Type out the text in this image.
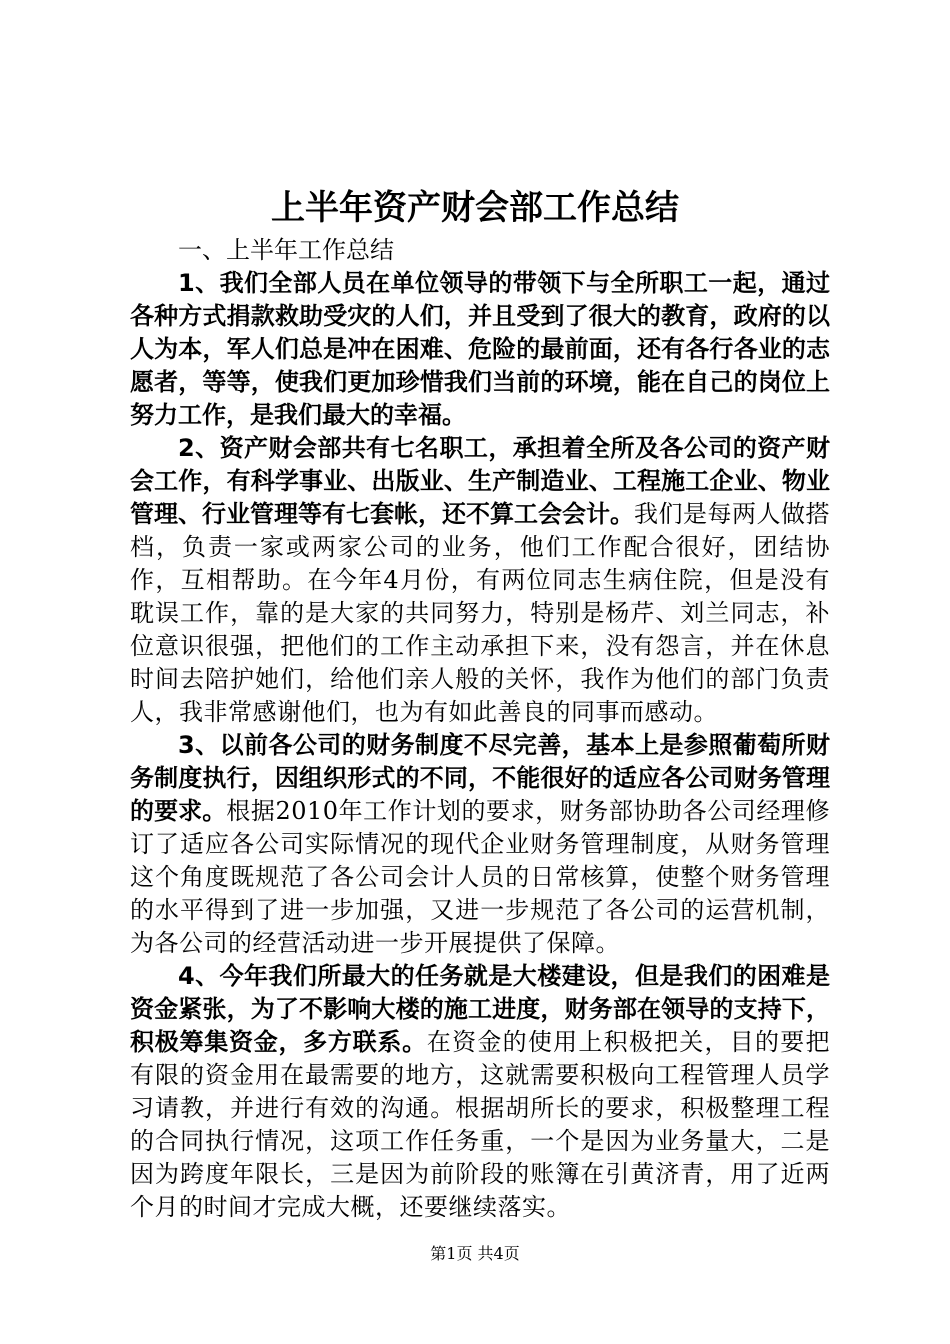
上半年资产财会部工作总结

一、上半年工作总结

1、我们全部人员在单位领导的带领下与全所职工一起，通过各种方式捐款救助受灾的人们，并且受到了很大的教育，政府的以人为本，军人们总是冲在困难、危险的最前面，还有各行各业的志愿者，等等，使我们更加珍惜我们当前的环境，能在自己的岗位上努力工作，是我们最大的幸福。

2、资产财会部共有七名职工，承担着全所及各公司的资产财会工作，有科学事业、出版业、生产制造业、工程施工企业、物业管理、行业管理等有七套帐，还不算工会会计。我们是每两人做搭档，负责一家或两家公司的业务，他们工作配合很好，团结协作，互相帮助。在今年4月份，有两位同志生病住院，但是没有耽误工作，靠的是大家的共同努力，特别是杨芹、刘兰同志，补位意识很强，把他们的工作主动承担下来，没有怨言，并在休息时间去陪护她们，给他们亲人般的关怀，我作为他们的部门负责人，我非常感谢他们，也为有如此善良的同事而感动。

3、以前各公司的财务制度不尽完善，基本上是参照葡萄所财务制度执行，因组织形式的不同，不能很好的适应各公司财务管理的要求。根据2010年工作计划的要求，财务部协助各公司经理修订了适应各公司实际情况的现代企业财务管理制度，从财务管理这个角度既规范了各公司会计人员的日常核算，使整个财务管理的水平得到了进一步加强，又进一步规范了各公司的运营机制，为各公司的经营活动进一步开展提供了保障。

4、今年我们所最大的任务就是大楼建设，但是我们的困难是资金紧张，为了不影响大楼的施工进度，财务部在领导的支持下，积极筹集资金，多方联系。在资金的使用上积极把关，目的要把有限的资金用在最需要的地方，这就需要积极向工程管理人员学习请教，并进行有效的沟通。根据胡所长的要求，积极整理工程的合同执行情况，这项工作任务重，一个是因为业务量大，二是因为跨度年限长，三是因为前阶段的账簿在引黄济青，用了近两个月的时间才完成大概，还要继续落实。

第1页 共4页
